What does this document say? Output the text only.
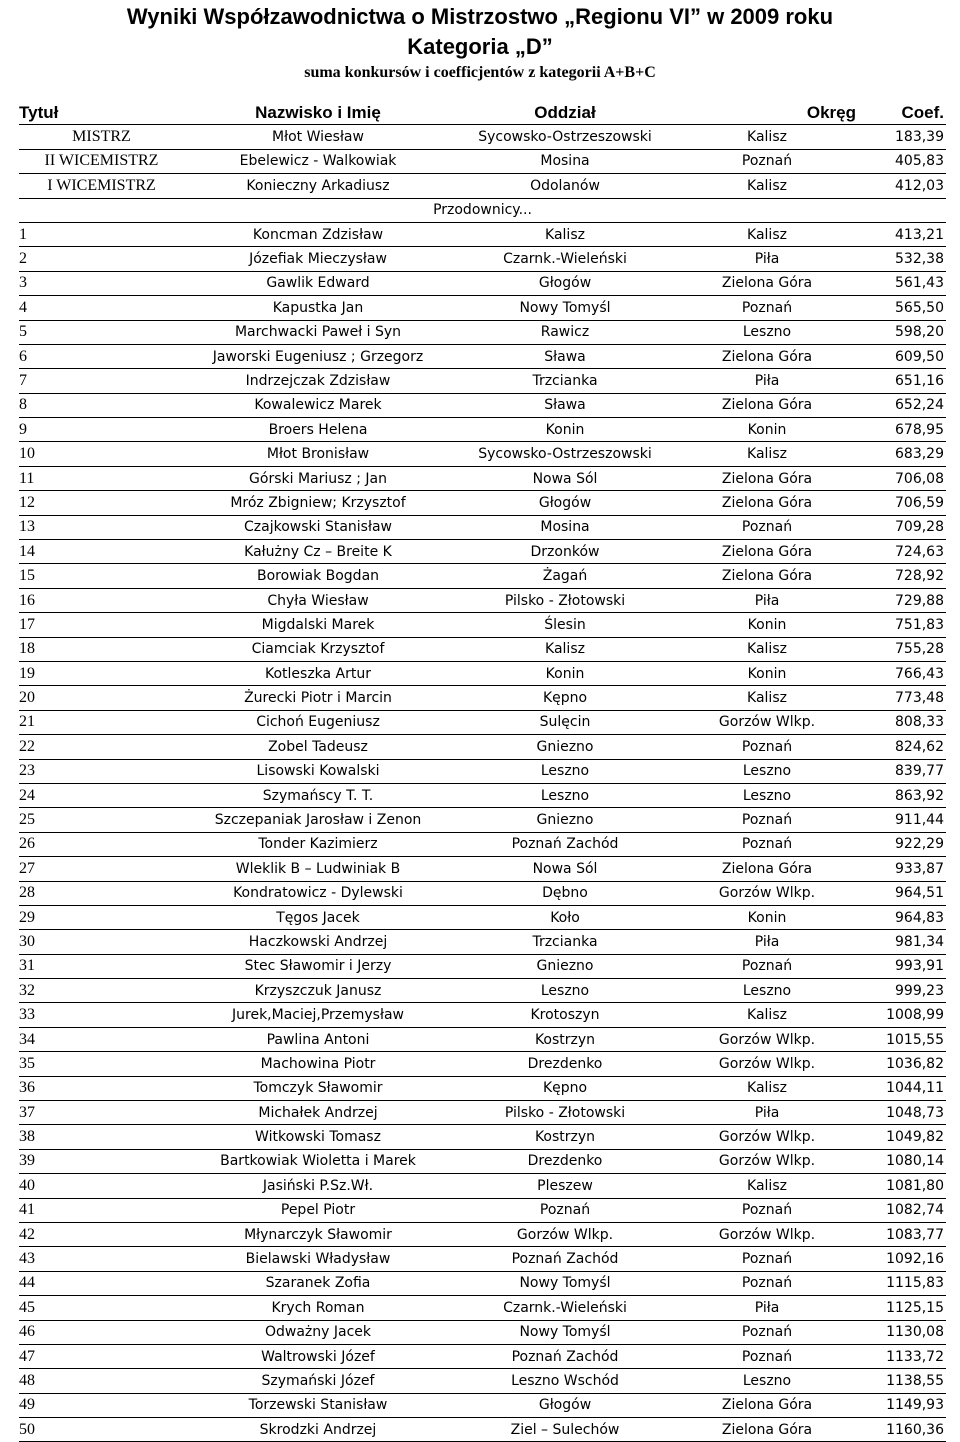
Wyniki Współzawodnictwa o Mistrzostwo „Regionu VI” w 2009 roku
Kategoria „D”
suma konkursów i coefficjentów z kategorii A+B+C
Tytuł	Nazwisko i Imię	Oddział	Okręg	Coef.
MISTRZ	Młot Wiesław	Sycowsko-Ostrzeszowski	Kalisz	183,39
II WICEMISTRZ	Ebelewicz - Walkowiak	Mosina	Poznań	405,83
I WICEMISTRZ	Konieczny Arkadiusz	Odolanów	Kalisz	412,03
Przodownicy...				
1	Koncman Zdzisław	Kalisz	Kalisz	413,21
2	Józefiak Mieczysław	Czarnk.-Wieleński	Piła	532,38
3	Gawlik Edward	Głogów	Zielona Góra	561,43
4	Kapustka Jan	Nowy Tomyśl	Poznań	565,50
5	Marchwacki Paweł i Syn	Rawicz	Leszno	598,20
6	Jaworski Eugeniusz ; Grzegorz	Sława	Zielona Góra	609,50
7	Indrzejczak Zdzisław	Trzcianka	Piła	651,16
8	Kowalewicz Marek	Sława	Zielona Góra	652,24
9	Broers Helena	Konin	Konin	678,95
10	Młot Bronisław	Sycowsko-Ostrzeszowski	Kalisz	683,29
11	Górski Mariusz ; Jan	Nowa Sól	Zielona Góra	706,08
12	Mróz Zbigniew; Krzysztof	Głogów	Zielona Góra	706,59
13	Czajkowski Stanisław	Mosina	Poznań	709,28
14	Kałużny Cz – Breite K	Drzonków	Zielona Góra	724,63
15	Borowiak Bogdan	Żagań	Zielona Góra	728,92
16	Chyła Wiesław	Pilsko - Złotowski	Piła	729,88
17	Migdalski Marek	Ślesin	Konin	751,83
18	Ciamciak Krzysztof	Kalisz	Kalisz	755,28
19	Kotleszka Artur	Konin	Konin	766,43
20	Żurecki Piotr i Marcin	Kępno	Kalisz	773,48
21	Cichoń Eugeniusz	Sulęcin	Gorzów Wlkp.	808,33
22	Zobel Tadeusz	Gniezno	Poznań	824,62
23	Lisowski Kowalski	Leszno	Leszno	839,77
24	Szymańscy T. T.	Leszno	Leszno	863,92
25	Szczepaniak Jarosław i Zenon	Gniezno	Poznań	911,44
26	Tonder Kazimierz	Poznań Zachód	Poznań	922,29
27	Wleklik B – Ludwiniak B	Nowa Sól	Zielona Góra	933,87
28	Kondratowicz - Dylewski	Dębno	Gorzów Wlkp.	964,51
29	Tęgos Jacek	Koło	Konin	964,83
30	Haczkowski Andrzej	Trzcianka	Piła	981,34
31	Stec Sławomir i Jerzy	Gniezno	Poznań	993,91
32	Krzyszczuk Janusz	Leszno	Leszno	999,23
33	Jurek,Maciej,Przemysław	Krotoszyn	Kalisz	1008,99
34	Pawlina Antoni	Kostrzyn	Gorzów Wlkp.	1015,55
35	Machowina Piotr	Drezdenko	Gorzów Wlkp.	1036,82
36	Tomczyk Sławomir	Kępno	Kalisz	1044,11
37	Michałek Andrzej	Pilsko - Złotowski	Piła	1048,73
38	Witkowski Tomasz	Kostrzyn	Gorzów Wlkp.	1049,82
39	Bartkowiak Wioletta i Marek	Drezdenko	Gorzów Wlkp.	1080,14
40	Jasiński P.Sz.Wł.	Pleszew	Kalisz	1081,80
41	Pepel Piotr	Poznań	Poznań	1082,74
42	Młynarczyk Sławomir	Gorzów Wlkp.	Gorzów Wlkp.	1083,77
43	Bielawski Władysław	Poznań Zachód	Poznań	1092,16
44	Szaranek Zofia	Nowy Tomyśl	Poznań	1115,83
45	Krych Roman	Czarnk.-Wieleński	Piła	1125,15
46	Odważny Jacek	Nowy Tomyśl	Poznań	1130,08
47	Waltrowski Józef	Poznań Zachód	Poznań	1133,72
48	Szymański Józef	Leszno Wschód	Leszno	1138,55
49	Torzewski Stanisław	Głogów	Zielona Góra	1149,93
50	Skrodzki Andrzej	Ziel – Sulechów	Zielona Góra	1160,36
